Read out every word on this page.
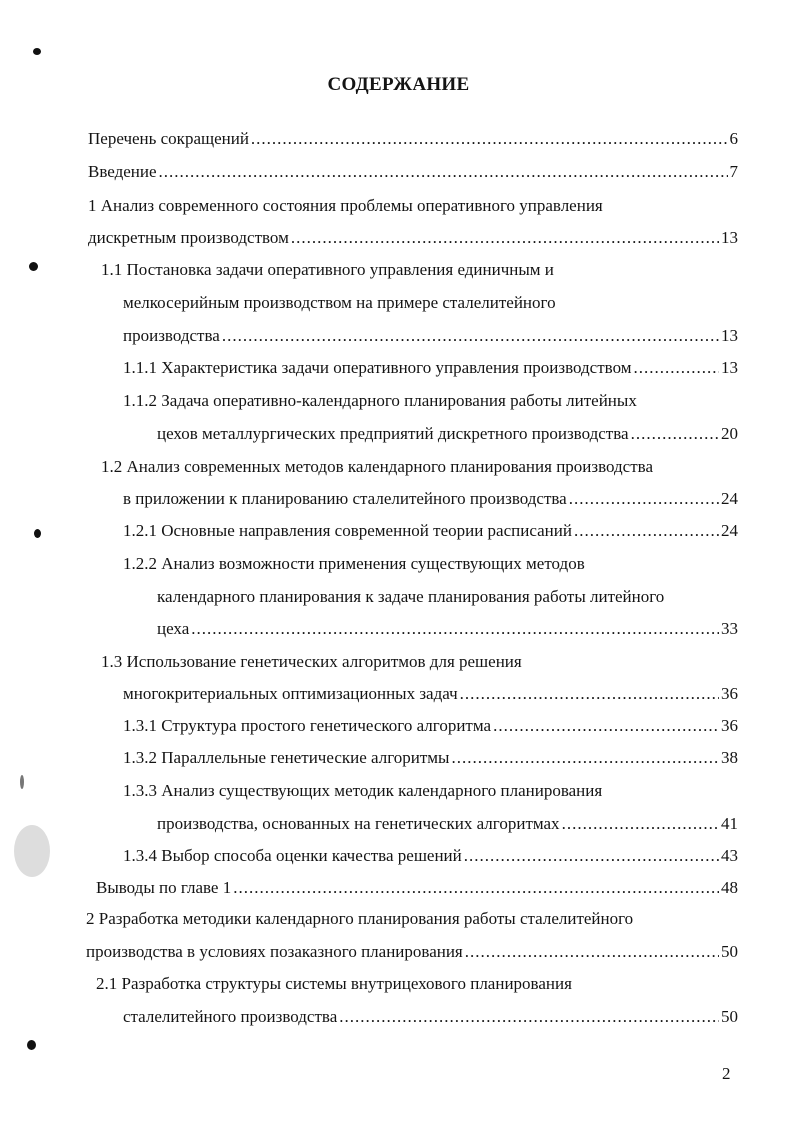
СОДЕРЖАНИЕ
Перечень сокращений .....	6
Введение .....	7
1 Анализ современного состояния проблемы оперативного управления
дискретным производством .....	13
1.1 Постановка задачи оперативного управления единичным и
мелкосерийным производством на примере сталелитейного
производства .....	13
1.1.1 Характеристика задачи оперативного управления производством .....	13
1.1.2 Задача оперативно-календарного планирования работы литейных
цехов металлургических предприятий дискретного производства .....	20
1.2 Анализ современных методов календарного планирования производства
в приложении к планированию сталелитейного производства .....	24
1.2.1 Основные направления современной теории расписаний .....	24
1.2.2 Анализ возможности применения существующих методов
календарного планирования к задаче планирования работы литейного
цеха .....	33
1.3 Использование генетических алгоритмов для решения
многокритериальных оптимизационных задач .....	36
1.3.1 Структура простого генетического алгоритма .....	36
1.3.2 Параллельные генетические алгоритмы .....	38
1.3.3 Анализ существующих методик календарного планирования
производства, основанных на генетических алгоритмах .....	41
1.3.4 Выбор способа оценки качества решений .....	43
Выводы по главе 1 .....	48
2 Разработка методики календарного планирования работы сталелитейного
производства в условиях позаказного планирования .....	50
2.1 Разработка структуры системы внутрицехового планирования
сталелитейного производства .....	50
2
